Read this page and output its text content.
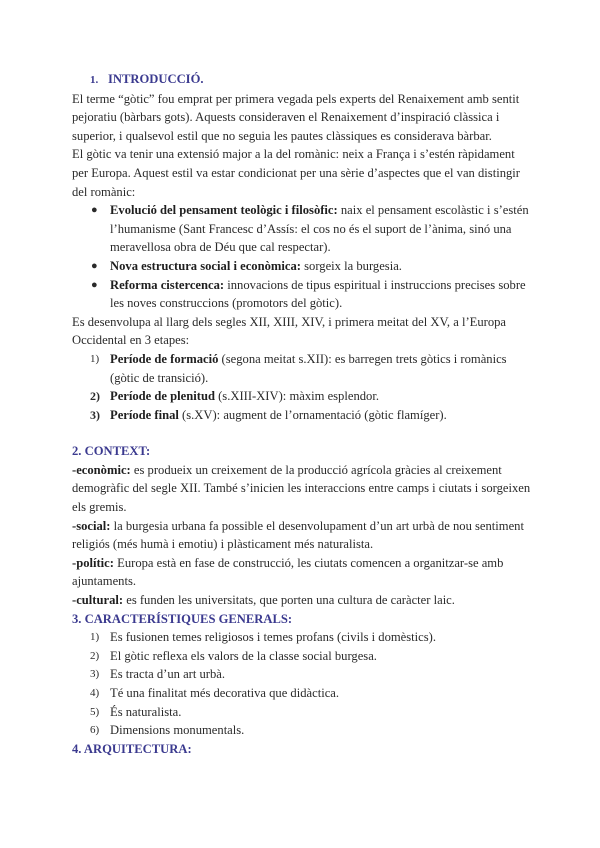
1. INTRODUCCIÓ.

El terme “gòtic” fou emprat per primera vegada pels experts del Renaixement amb sentit pejoratiu (bàrbars gots). Aquests consideraven el Renaixement d’inspiració clàssica i superior, i qualsevol estil que no seguia les pautes clàssiques es considerava bàrbar.

El gòtic va tenir una extensió major a la del romànic: neix a França i s’estén ràpidament per Europa. Aquest estil va estar condicionat per una sèrie d’aspectes que el van distingir del romànic:

● Evolució del pensament teològic i filosòfic: naix el pensament escolàstic i s’estén l’humanisme (Sant Francesc d’Assís: el cos no és el suport de l’ànima, sinó una meravellosa obra de Déu que cal respectar).
● Nova estructura social i econòmica: sorgeix la burgesia.
● Reforma cistercenca: innovacions de tipus espiritual i instruccions precises sobre les noves construccions (promotors del gòtic).

Es desenvolupa al llarg dels segles XII, XIII, XIV, i primera meitat del XV, a l’Europa Occidental en 3 etapes:

1) Període de formació (segona meitat s.XII): es barregen trets gòtics i romànics (gòtic de transició).
2) Període de plenitud (s.XIII-XIV): màxim esplendor.
3) Període final (s.XV): augment de l’ornamentació (gòtic flamíger).

2. CONTEXT:

-econòmic: es produeix un creixement de la producció agrícola gràcies al creixement demogràfic del segle XII. També s’inicien les interaccions entre camps i ciutats i sorgeixen els gremis.

-social: la burgesia urbana fa possible el desenvolupament d’un art urbà de nou sentiment religiós (més humà i emotiu) i plàsticament més naturalista.

-polític: Europa està en fase de construcció, les ciutats comencen a organitzar-se amb ajuntaments.

-cultural: es funden les universitats, que porten una cultura de caràcter laic.

3. CARACTERÍSTIQUES GENERALS:

1) Es fusionen temes religiosos i temes profans (civils i domèstics).
2) El gòtic reflexa els valors de la classe social burgesa.
3) Es tracta d’un art urbà.
4) Té una finalitat més decorativa que didàctica.
5) És naturalista.
6) Dimensions monumentals.

4. ARQUITECTURA:
